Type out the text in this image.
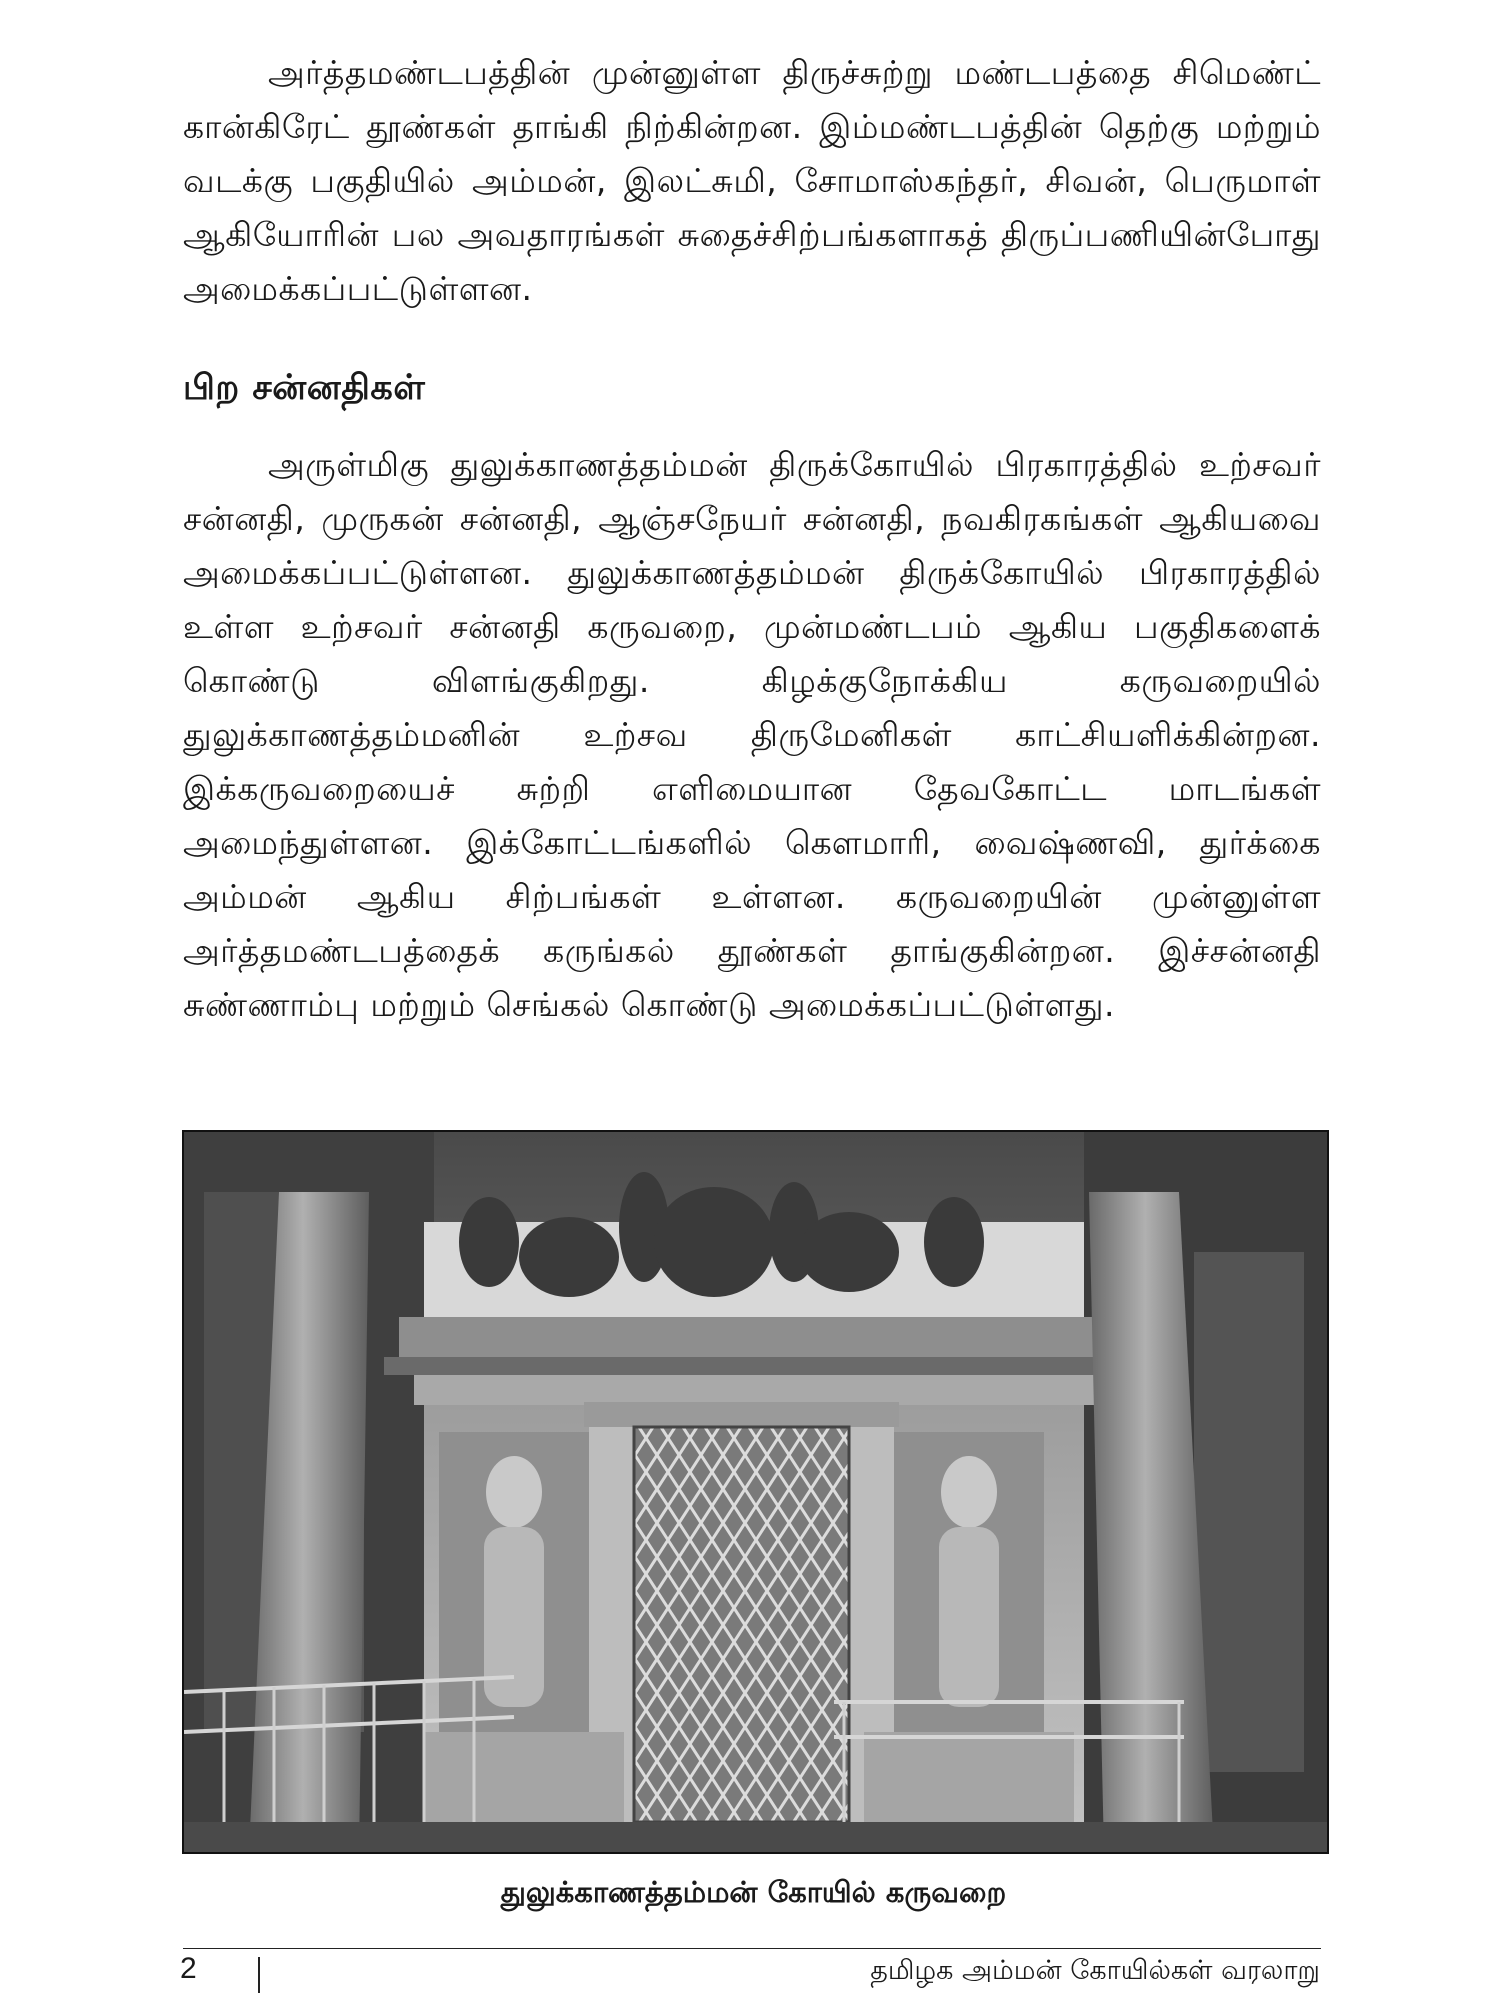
அர்த்தமண்டபத்தின் முன்னுள்ள திருச்சுற்று மண்டபத்தை சிமெண்ட் கான்கிரேட் தூண்கள் தாங்கி நிற்கின்றன. இம்மண்டபத்தின் தெற்கு மற்றும் வடக்கு பகுதியில் அம்மன், இலட்சுமி, சோமாஸ்கந்தர், சிவன், பெருமாள் ஆகியோரின் பல அவதாரங்கள் சுதைச்சிற்பங்களாகத் திருப்பணியின்போது அமைக்கப்பட்டுள்ளன.

பிற சன்னதிகள்

அருள்மிகு துலுக்காணத்தம்மன் திருக்கோயில் பிரகாரத்தில் உற்சவர் சன்னதி, முருகன் சன்னதி, ஆஞ்சநேயர் சன்னதி, நவகிரகங்கள் ஆகியவை அமைக்கப்பட்டுள்ளன. துலுக்காணத்தம்மன் திருக்கோயில் பிரகாரத்தில் உள்ள உற்சவர் சன்னதி கருவறை, முன்மண்டபம் ஆகிய பகுதிகளைக் கொண்டு விளங்குகிறது. கிழக்குநோக்கிய கருவறையில் துலுக்காணத்தம்மனின் உற்சவ திருமேனிகள் காட்சியளிக்கின்றன. இக்கருவறையைச் சுற்றி எளிமையான தேவகோட்ட மாடங்கள் அமைந்துள்ளன. இக்கோட்டங்களில் கௌமாரி, வைஷ்ணவி, துர்க்கை அம்மன் ஆகிய சிற்பங்கள் உள்ளன. கருவறையின் முன்னுள்ள அர்த்தமண்டபத்தைக் கருங்கல் தூண்கள் தாங்குகின்றன. இச்சன்னதி சுண்ணாம்பு மற்றும் செங்கல் கொண்டு அமைக்கப்பட்டுள்ளது.

துலுக்காணத்தம்மன் கோயில் கருவறை
2	தமிழக அம்மன் கோயில்கள் வரலாறு
